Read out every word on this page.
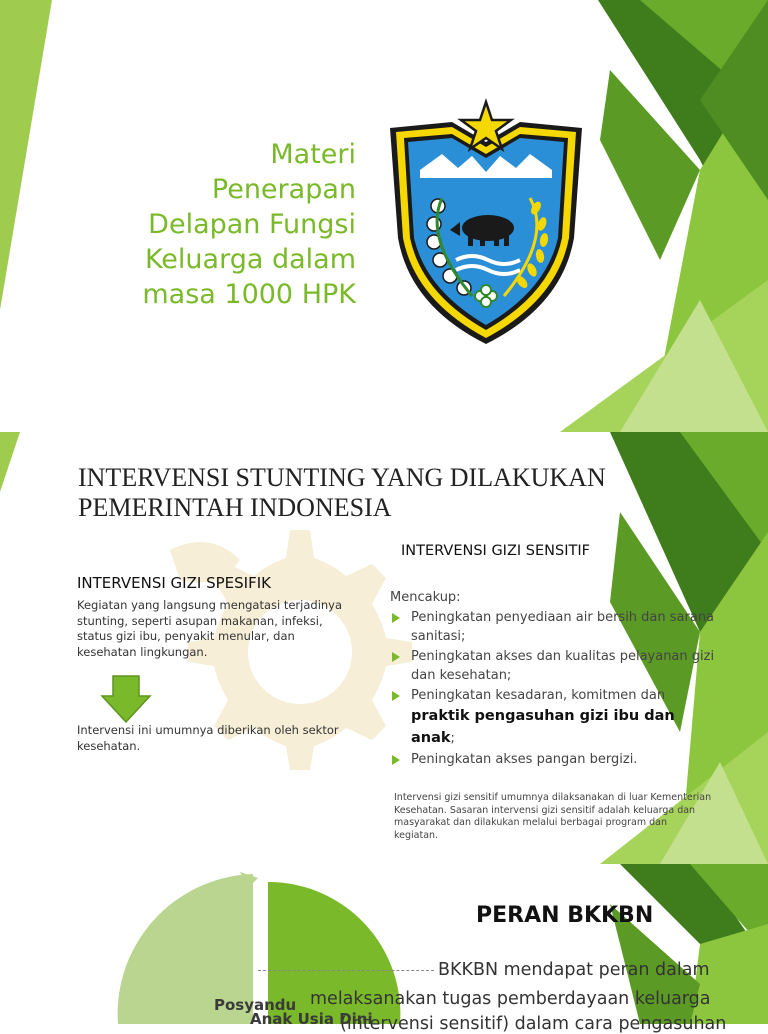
Materi
Penerapan
Delapan Fungsi
Keluarga dalam
masa 1000 HPK
INTERVENSI STUNTING YANG DILAKUKAN
PEMERINTAH INDONESIA
INTERVENSI GIZI SENSITIF
INTERVENSI GIZI SPESIFIK
Kegiatan yang langsung mengatasi terjadinya stunting, seperti asupan makanan, infeksi, status gizi ibu, penyakit menular, dan kesehatan lingkungan.
Intervensi ini umumnya diberikan oleh sektor kesehatan.
Mencakup:
Peningkatan penyediaan air bersih dan sarana sanitasi;
Peningkatan akses dan kualitas pelayanan gizi dan kesehatan;
Peningkatan kesadaran, komitmen dan praktik pengasuhan gizi ibu dan anak;
Peningkatan akses pangan bergizi.
Intervensi gizi sensitif umumnya dilaksanakan di luar Kementerian Kesehatan. Sasaran intervensi gizi sensitif adalah keluarga dan masyarakat dan dilakukan melalui berbagai program dan kegiatan.
PERAN BKKBN
BKKBN mendapat peran dalam
melaksanakan tugas pemberdayaan keluarga
(intervensi sensitif) dalam cara pengasuhan
Posyandu
Anak Usia Dini
